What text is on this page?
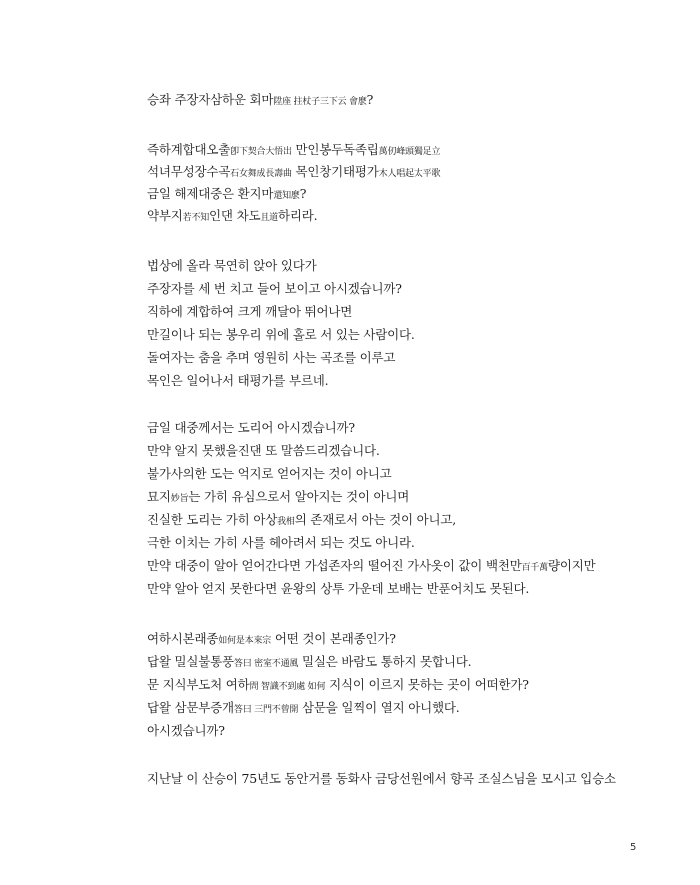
승좌 주장자삼하운 회마陞座 拄杖子三下云 會麽?
즉하계합대오출卽下契合大悟出 만인봉두독족립萬仞峰頭獨足立
석녀무성장수곡石女舞成長壽曲 목인창기태평가木人唱起太平歌
금일 해제대중은 환지마還知麽?
약부지若不知인댄 차도且道하리라.
법상에 올라 묵연히 앉아 있다가
주장자를 세 번 치고 들어 보이고 아시겠습니까?
직하에 계합하여 크게 깨달아 뛰어나면
만길이나 되는 봉우리 위에 홀로 서 있는 사람이다.
돌여자는 춤을 추며 영원히 사는 곡조를 이루고
목인은 일어나서 태평가를 부르네.
금일 대중께서는 도리어 아시겠습니까?
만약 알지 못했을진댄 또 말씀드리겠습니다.
불가사의한 도는 억지로 얻어지는 것이 아니고
묘지妙旨는 가히 유심으로서 알아지는 것이 아니며
진실한 도리는 가히 아상我相의 존재로서 아는 것이 아니고,
극한 이치는 가히 사를 헤아려서 되는 것도 아니라.
만약 대중이 알아 얻어간다면 가섭존자의 떨어진 가사옷이 값이 백천만百千萬량이지만
만약 알아 얻지 못한다면 윤왕의 상투 가운데 보배는 반푼어치도 못된다.
여하시본래종如何是本來宗 어떤 것이 본래종인가?
답왈 밀실불통풍答曰 密室不通風 밀실은 바람도 통하지 못합니다.
문 지식부도처 여하問 智識不到處 如何 지식이 이르지 못하는 곳이 어떠한가?
답왈 삼문부증개答曰 三門不曾開 삼문을 일찍이 열지 아니했다.
아시겠습니까?
지난날 이 산승이 75년도 동안거를 동화사 금당선원에서 향곡 조실스님을 모시고 입승소
5
